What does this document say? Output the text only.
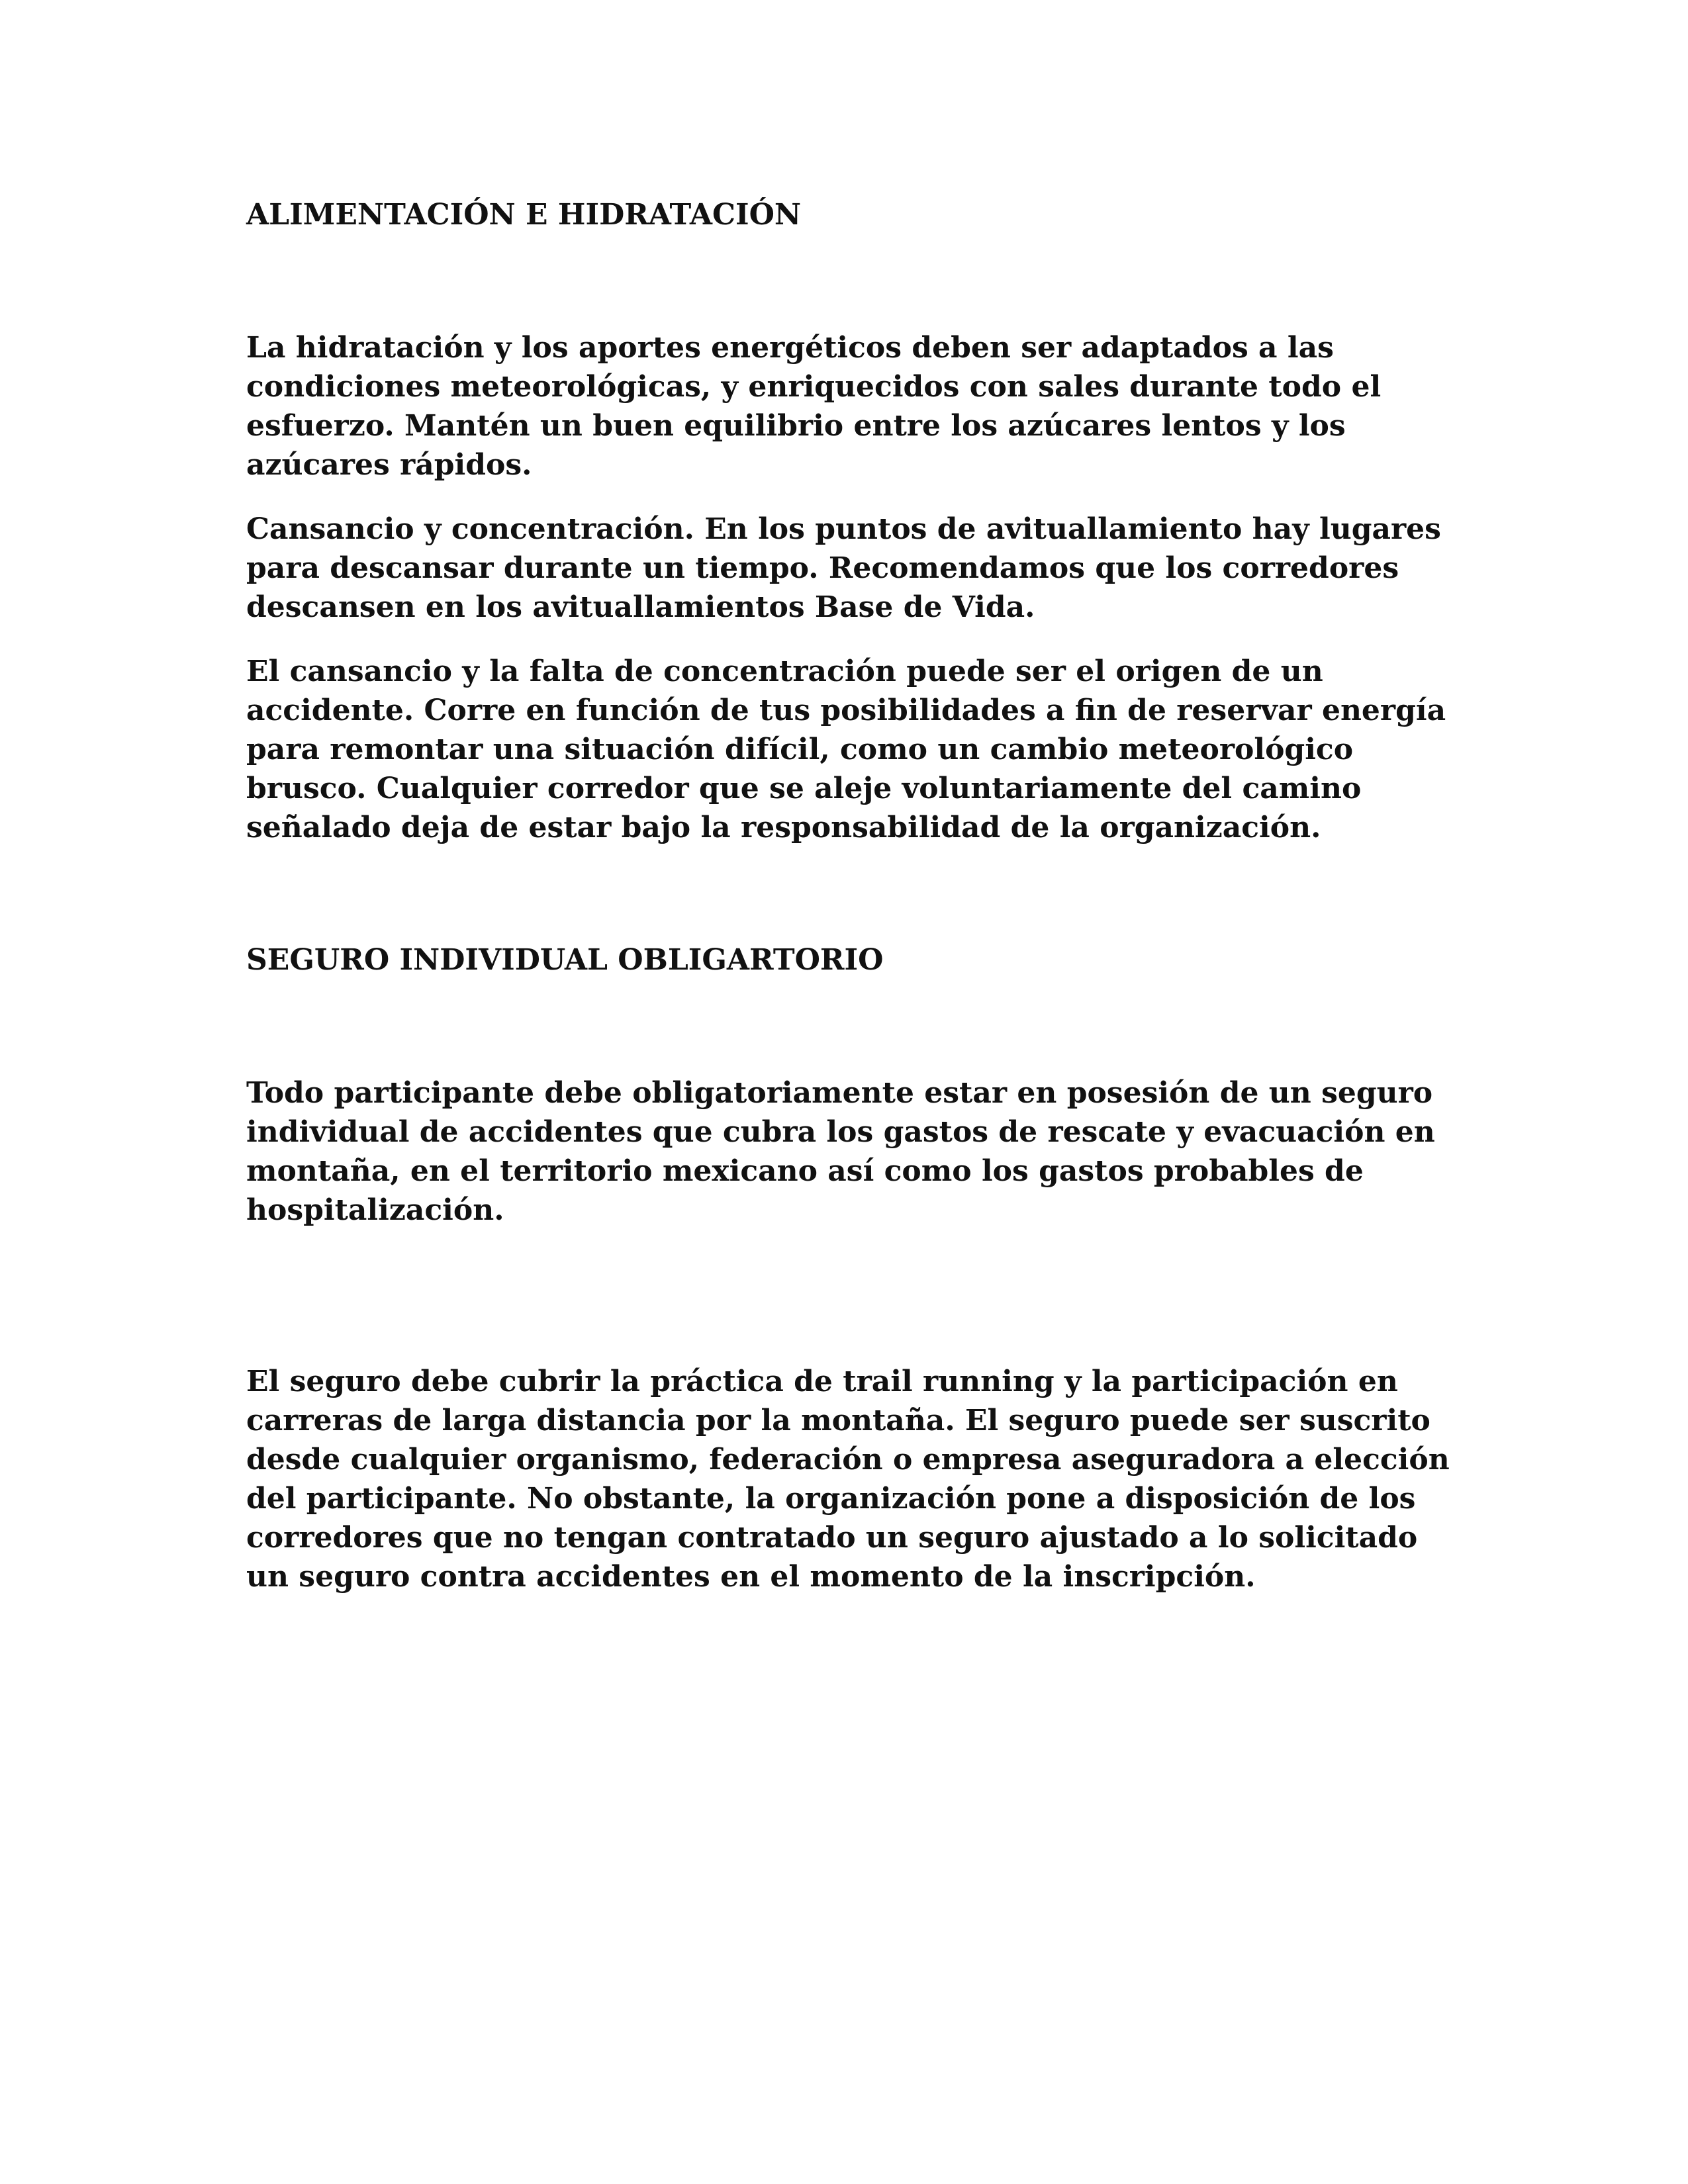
ALIMENTACIÓN E HIDRATACIÓN

La hidratación y los aportes energéticos deben ser adaptados a las condiciones meteorológicas, y enriquecidos con sales durante todo el esfuerzo. Mantén un buen equilibrio entre los azúcares lentos y los azúcares rápidos.

Cansancio y concentración. En los puntos de avituallamiento hay lugares para descansar durante un tiempo. Recomendamos que los corredores descansen en los avituallamientos Base de Vida.

El cansancio y la falta de concentración puede ser el origen de un accidente. Corre en función de tus posibilidades a fin de reservar energía para remontar una situación difícil, como un cambio meteorológico brusco. Cualquier corredor que se aleje voluntariamente del camino señalado deja de estar bajo la responsabilidad de la organización.

SEGURO INDIVIDUAL OBLIGARTORIO

Todo participante debe obligatoriamente estar en posesión de un seguro individual de accidentes que cubra los gastos de rescate y evacuación en montaña, en el territorio mexicano así como los gastos probables de hospitalización.

El seguro debe cubrir la práctica de trail running y la participación en carreras de larga distancia por la montaña. El seguro puede ser suscrito desde cualquier organismo, federación o empresa aseguradora a elección del participante. No obstante, la organización pone a disposición de los corredores que no tengan contratado un seguro ajustado a lo solicitado un seguro contra accidentes en el momento de la inscripción.
